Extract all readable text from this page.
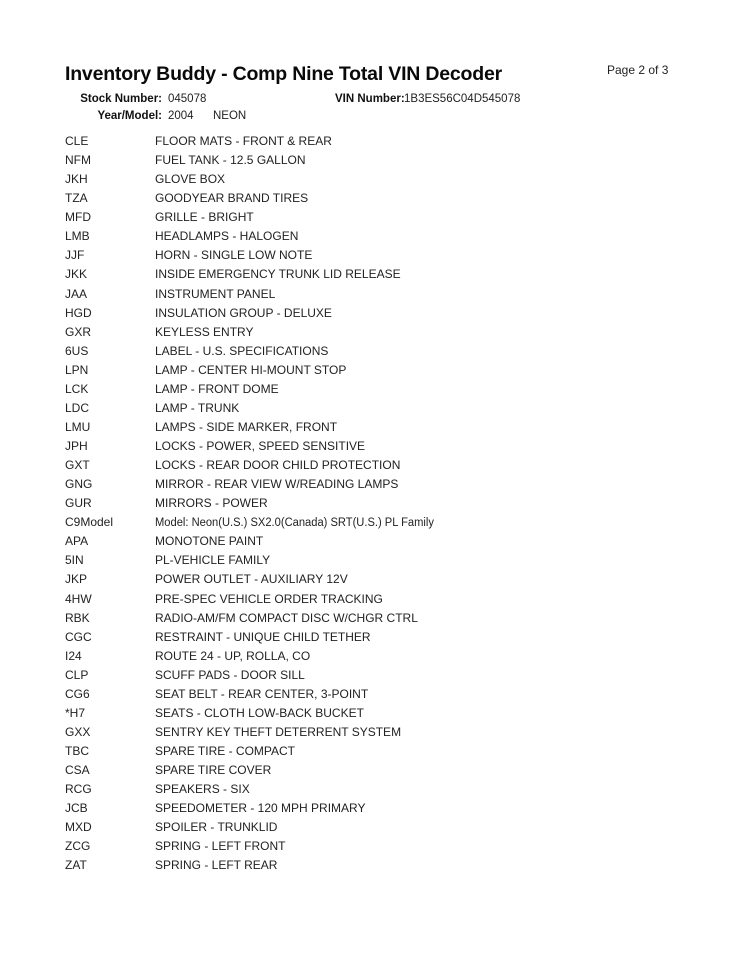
Inventory Buddy - Comp Nine Total VIN Decoder	Page 2 of 3
Stock Number: 045078	VIN Number: 1B3ES56C04D545078
Year/Model: 2004 NEON
CLE	FLOOR MATS - FRONT & REAR
NFM	FUEL TANK - 12.5 GALLON
JKH	GLOVE BOX
TZA	GOODYEAR BRAND TIRES
MFD	GRILLE - BRIGHT
LMB	HEADLAMPS - HALOGEN
JJF	HORN - SINGLE LOW NOTE
JKK	INSIDE EMERGENCY TRUNK LID RELEASE
JAA	INSTRUMENT PANEL
HGD	INSULATION GROUP - DELUXE
GXR	KEYLESS ENTRY
6US	LABEL - U.S. SPECIFICATIONS
LPN	LAMP - CENTER HI-MOUNT STOP
LCK	LAMP - FRONT DOME
LDC	LAMP - TRUNK
LMU	LAMPS - SIDE MARKER, FRONT
JPH	LOCKS - POWER, SPEED SENSITIVE
GXT	LOCKS - REAR DOOR CHILD PROTECTION
GNG	MIRROR - REAR VIEW W/READING LAMPS
GUR	MIRRORS - POWER
C9Model	Model: Neon(U.S.) SX2.0(Canada) SRT(U.S.) PL Family
APA	MONOTONE PAINT
5IN	PL-VEHICLE FAMILY
JKP	POWER OUTLET - AUXILIARY 12V
4HW	PRE-SPEC VEHICLE ORDER TRACKING
RBK	RADIO-AM/FM COMPACT DISC W/CHGR CTRL
CGC	RESTRAINT - UNIQUE CHILD TETHER
I24	ROUTE 24 - UP, ROLLA, CO
CLP	SCUFF PADS - DOOR SILL
CG6	SEAT BELT - REAR CENTER, 3-POINT
*H7	SEATS - CLOTH LOW-BACK BUCKET
GXX	SENTRY KEY THEFT DETERRENT SYSTEM
TBC	SPARE TIRE - COMPACT
CSA	SPARE TIRE COVER
RCG	SPEAKERS - SIX
JCB	SPEEDOMETER - 120 MPH PRIMARY
MXD	SPOILER - TRUNKLID
ZCG	SPRING - LEFT FRONT
ZAT	SPRING - LEFT REAR
